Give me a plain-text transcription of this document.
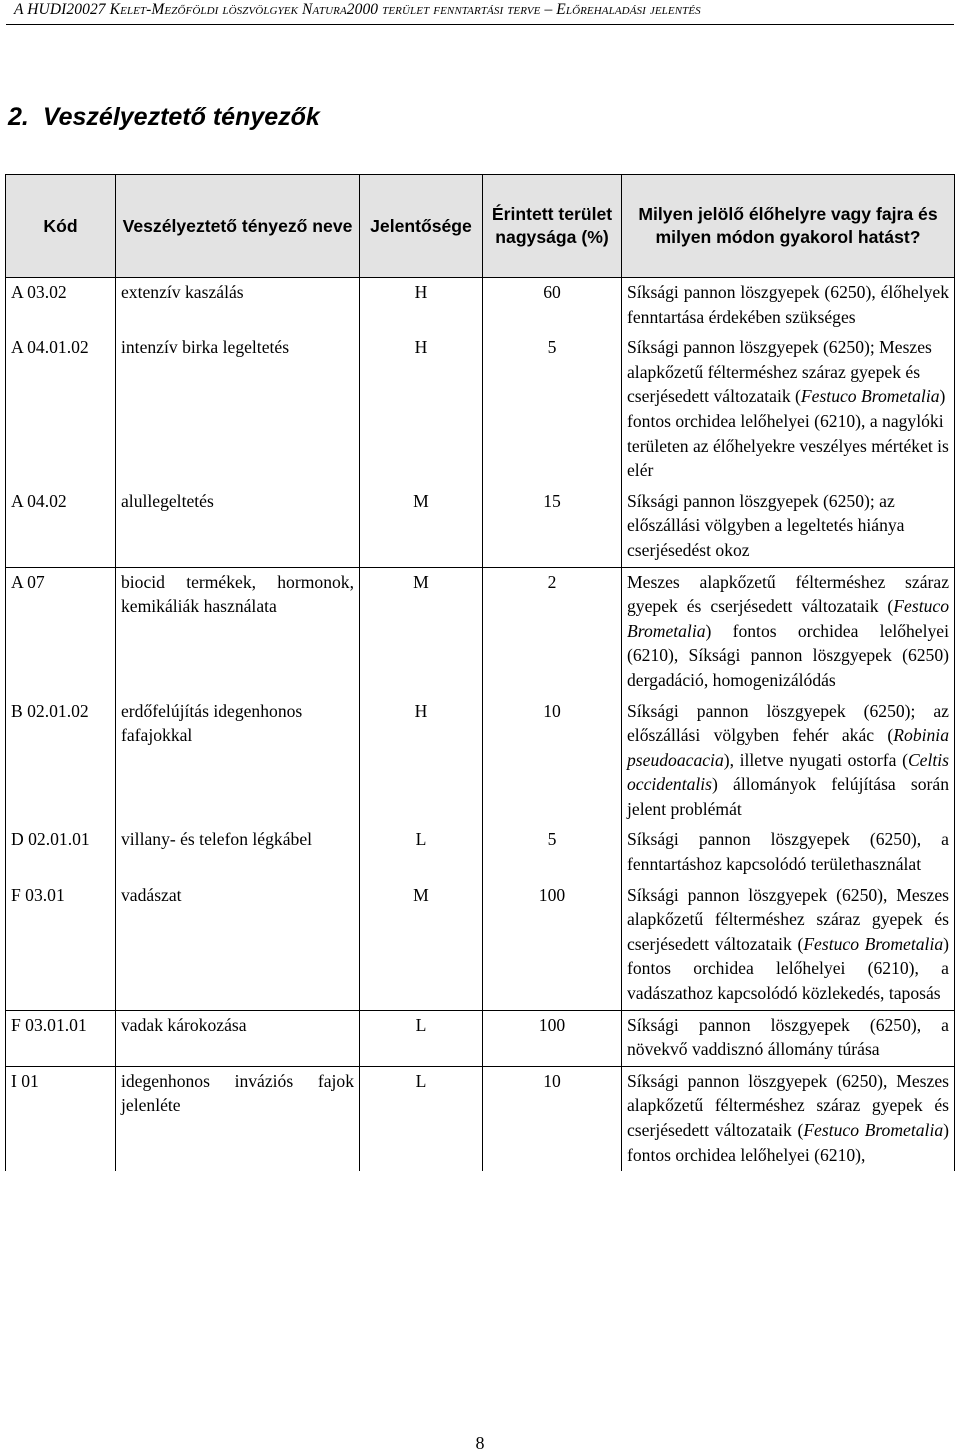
A HUDI20027 Kelet-Mezőföldi löszvölgyek Natura2000 terület fenntartási terve – Előrehaladási jelentés
2. Veszélyeztető tényezők
Kód	Veszélyeztető tényező neve	Jelentősége	Érintett terület nagysága (%)	Milyen jelölő élőhelyre vagy fajra és milyen módon gyakorol hatást?
A 03.02	extenzív kaszálás	H	60	Síksági pannon löszgyepek (6250), élőhelyek fenntartása érdekében szükséges
A 04.01.02	intenzív birka legeltetés	H	5	Síksági pannon löszgyepek (6250); Meszes alapkőzetű félterméshez száraz gyepek és cserjésedett változataik (Festuco Brometalia) fontos orchidea lelőhelyei (6210), a nagylóki területen az élőhelyekre veszélyes mértéket is elér
A 04.02	alullegeltetés	M	15	Síksági pannon löszgyepek (6250); az előszállási völgyben a legeltetés hiánya cserjésedést okoz
A 07	biocid termékek, hormonok, kemikáliák használata	M	2	Meszes alapkőzetű félterméshez száraz gyepek és cserjésedett változataik (Festuco Brometalia) fontos orchidea lelőhelyei (6210), Síksági pannon löszgyepek (6250) dergadáció, homogenizálódás
B 02.01.02	erdőfelújítás idegenhonos fafajokkal	H	10	Síksági pannon löszgyepek (6250); az előszállási völgyben fehér akác (Robinia pseudoacacia), illetve nyugati ostorfa (Celtis occidentalis) állományok felújítása során jelent problémát
D 02.01.01	villany- és telefon légkábel	L	5	Síksági pannon löszgyepek (6250), a fenntartáshoz kapcsolódó területhasználat
F 03.01	vadászat	M	100	Síksági pannon löszgyepek (6250), Meszes alapkőzetű félterméshez száraz gyepek és cserjésedett változataik (Festuco Brometalia) fontos orchidea lelőhelyei (6210), a vadászathoz kapcsolódó közlekedés, taposás
F 03.01.01	vadak károkozása	L	100	Síksági pannon löszgyepek (6250), a növekvő vaddisznó állomány túrása
I 01	idegenhonos inváziós fajok jelenléte	L	10	Síksági pannon löszgyepek (6250), Meszes alapkőzetű félterméshez száraz gyepek és cserjésedett változataik (Festuco Brometalia) fontos orchidea lelőhelyei (6210),
8
